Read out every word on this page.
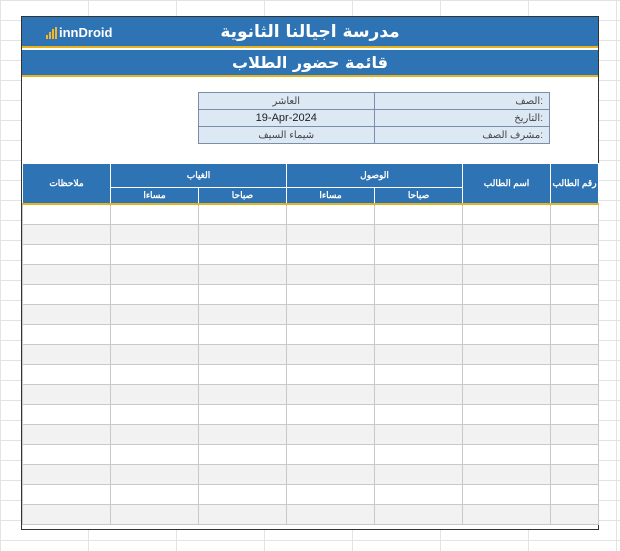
innDroid	مدرسة اجيالنا الثانوية
قائمة حضور الطلاب
العاشر	الصف:
19-Apr-2024	التاريخ:
شيماء السيف	مشرف الصف:
ملاحظات	الغياب		الوصول		اسم الطالب	رقم الطالب
	مساءا	صباحا	مساءا	صباحا		
